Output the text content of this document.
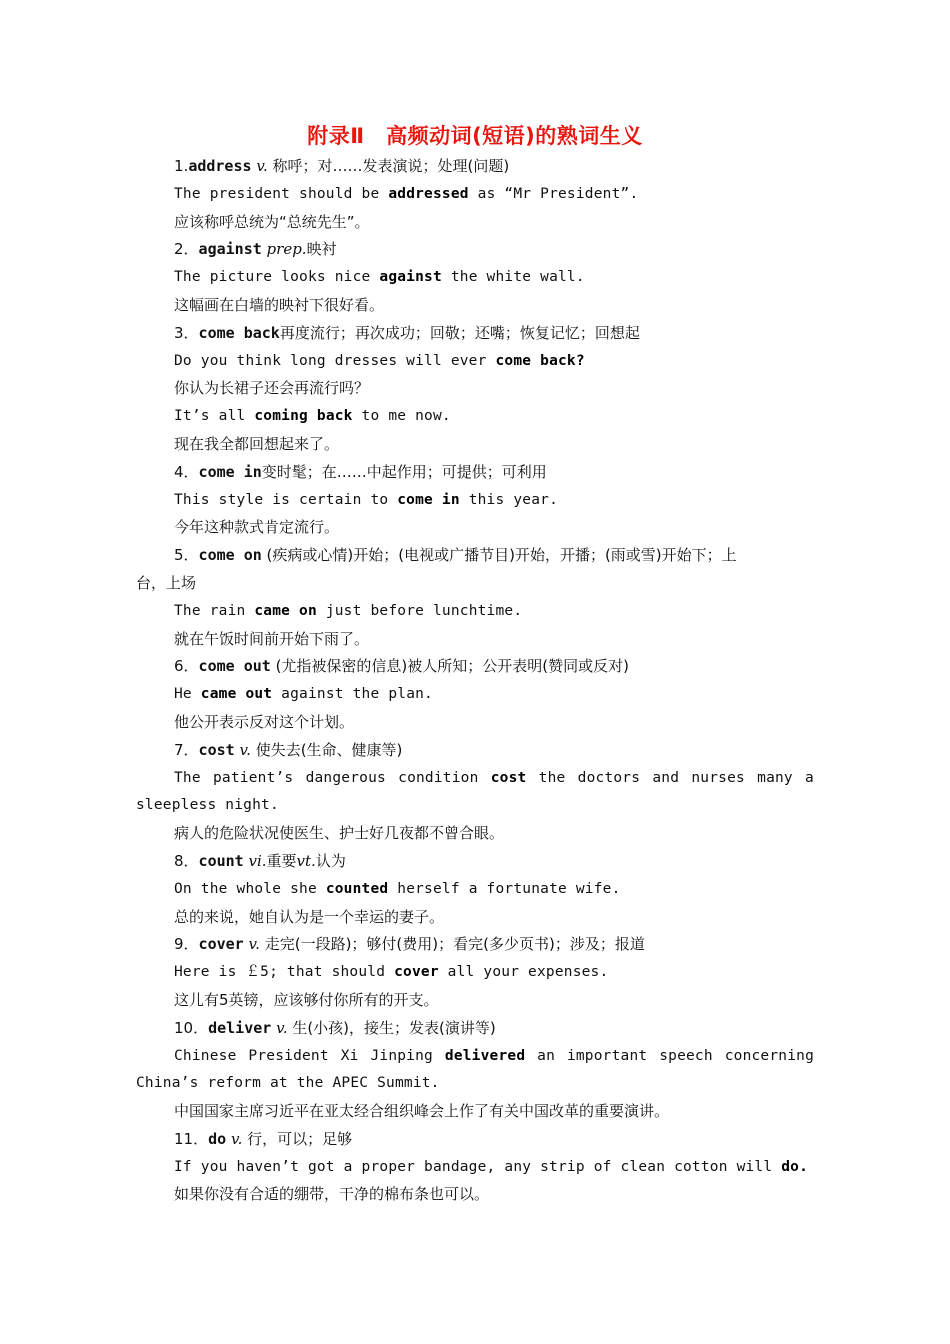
附录Ⅱ　高频动词(短语)的熟词生义
1.address v. 称呼；对……发表演说；处理(问题)
The president should be addressed as “Mr President”.
应该称呼总统为“总统先生”。
2．against prep.映衬
The picture looks nice against the white wall.
这幅画在白墙的映衬下很好看。
3．come back再度流行；再次成功；回敬；还嘴；恢复记忆；回想起
Do you think long dresses will ever come back?
你认为长裙子还会再流行吗？
It’s all coming back to me now.
现在我全都回想起来了。
4．come in变时髦；在……中起作用；可提供；可利用
This style is certain to come in this year.
今年这种款式肯定流行。
5．come on (疾病或心情)开始；(电视或广播节目)开始，开播；(雨或雪)开始下；上
台，上场
The rain came on just before lunchtime.
就在午饭时间前开始下雨了。
6．come out (尤指被保密的信息)被人所知；公开表明(赞同或反对)
He came out against the plan.
他公开表示反对这个计划。
7．cost v. 使失去(生命、健康等)
The patient’s dangerous condition cost the doctors and nurses many a
sleepless night.
病人的危险状况使医生、护士好几夜都不曾合眼。
8．count vi.重要vt.认为
On the whole she counted herself a fortunate wife.
总的来说，她自认为是一个幸运的妻子。
9．cover v. 走完(一段路)；够付(费用)；看完(多少页书)；涉及；报道
Here is ￡5; that should cover all your expenses.
这儿有5英镑，应该够付你所有的开支。
10．deliver v. 生(小孩)，接生；发表(演讲等)
Chinese President Xi Jinping delivered an important speech concerning
China’s reform at the APEC Summit.
中国国家主席习近平在亚太经合组织峰会上作了有关中国改革的重要演讲。
11．do v. 行，可以；足够
If you haven’t got a proper bandage, any strip of clean cotton will do.
如果你没有合适的绷带，干净的棉布条也可以。
